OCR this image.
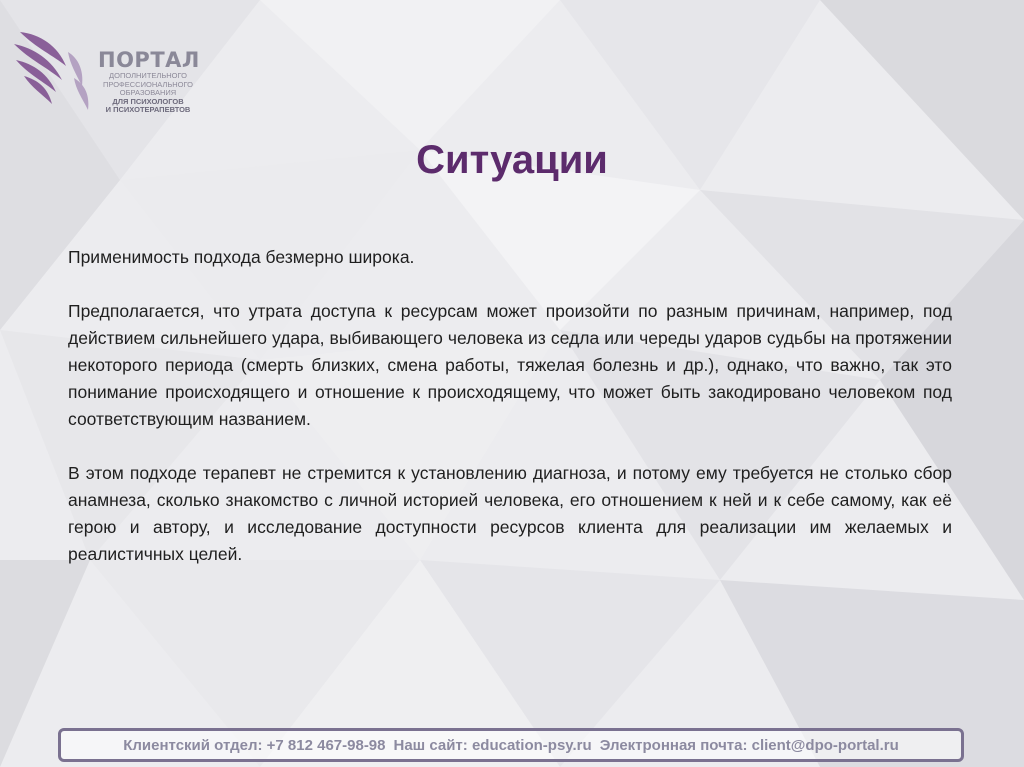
ПОРТАЛ
ДОПОЛНИТЕЛЬНОГО
ПРОФЕССИОНАЛЬНОГО
ОБРАЗОВАНИЯ
ДЛЯ ПСИХОЛОГОВ
И ПСИХОТЕРАПЕВТОВ
Ситуации

Применимость подхода безмерно широка.

Предполагается, что утрата доступа к ресурсам может произойти по разным причинам, например, под действием сильнейшего удара, выбивающего человека из седла или череды ударов судьбы на протяжении некоторого периода (смерть близких, смена работы, тяжелая болезнь и др.), однако, что важно, так это понимание происходящего и отношение к происходящему, что может быть закодировано человеком под соответствующим названием.

В этом подходе терапевт не стремится к установлению диагноза, и потому ему требуется не столько сбор анамнеза, сколько знакомство с личной историей человека, его отношением к ней и к себе самому, как её герою и автору, и исследование доступности ресурсов клиента для реализации им желаемых и реалистичных целей.

Клиентский отдел: +7 812 467-98-98 Наш сайт: education-psy.ru Электронная почта: client@dpo-portal.ru
